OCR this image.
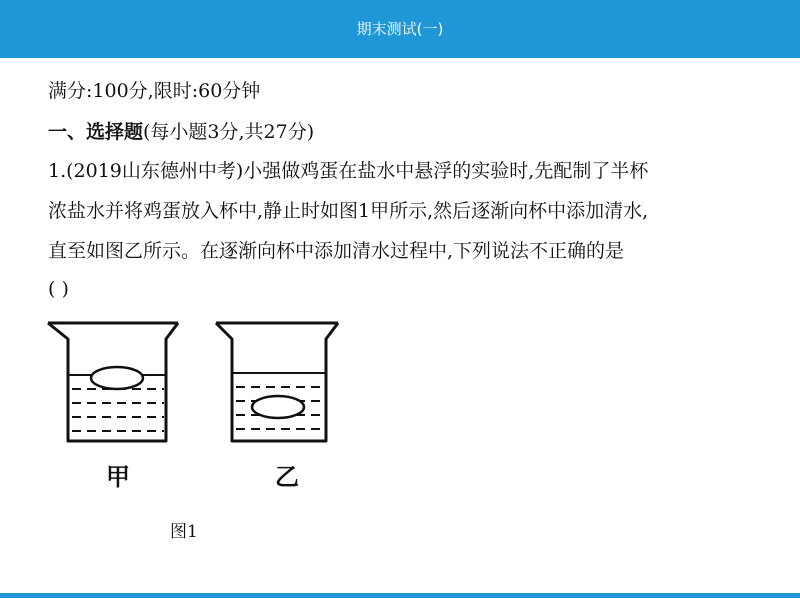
期末测试(一)
满分:100分,限时:60分钟
一、选择题(每小题3分,共27分)
1.(2019山东德州中考)小强做鸡蛋在盐水中悬浮的实验时,先配制了半杯
浓盐水并将鸡蛋放入杯中,静止时如图1甲所示,然后逐渐向杯中添加清水,
直至如图乙所示。在逐渐向杯中添加清水过程中,下列说法不正确的是
( )
甲	乙
图1
